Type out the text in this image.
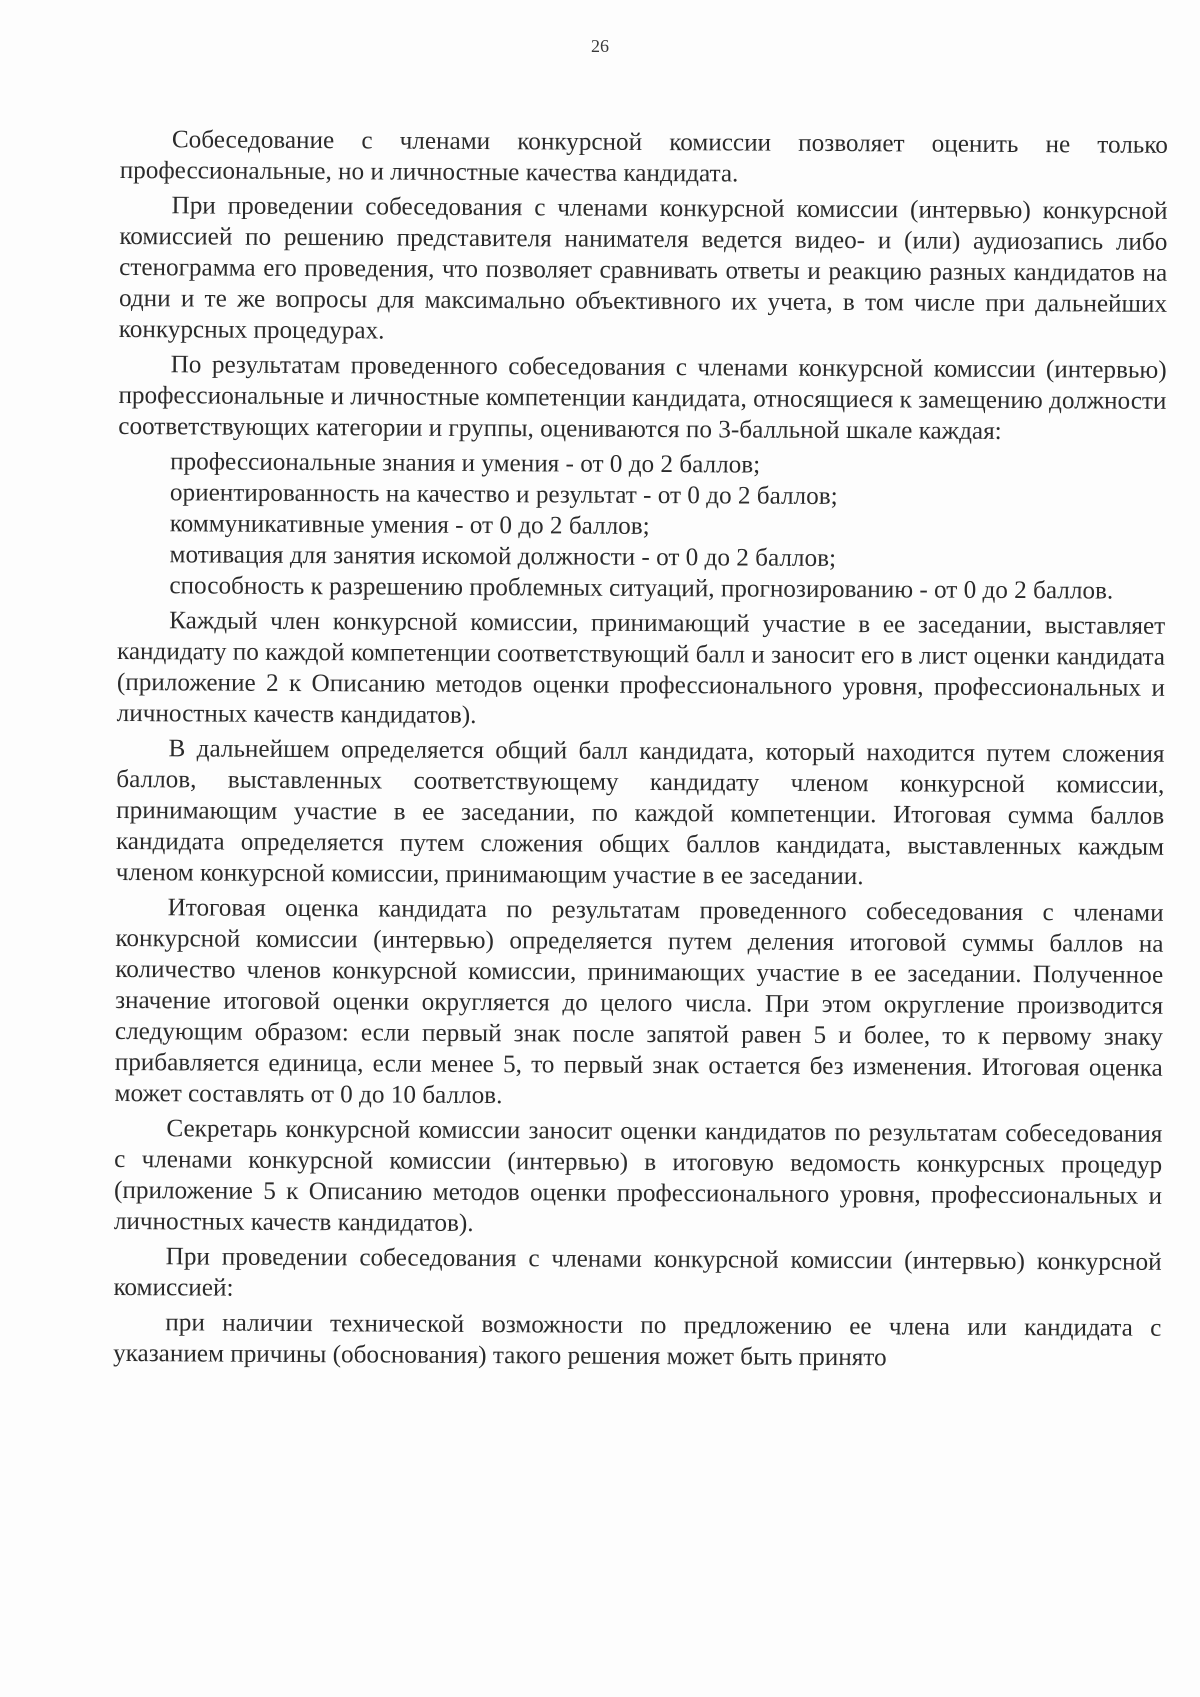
26

Собеседование с членами конкурсной комиссии позволяет оценить не только профессиональные, но и личностные качества кандидата.

При проведении собеседования с членами конкурсной комиссии (интервью) конкурсной комиссией по решению представителя нанимателя ведется видео- и (или) аудиозапись либо стенограмма его проведения, что позволяет сравнивать ответы и реакцию разных кандидатов на одни и те же вопросы для максимально объективного их учета, в том числе при дальнейших конкурсных процедурах.

По результатам проведенного собеседования с членами конкурсной комиссии (интервью) профессиональные и личностные компетенции кандидата, относящиеся к замещению должности соответствующих категории и группы, оцениваются по 3-балльной шкале каждая:

профессиональные знания и умения - от 0 до 2 баллов;

ориентированность на качество и результат - от 0 до 2 баллов;

коммуникативные умения - от 0 до 2 баллов;

мотивация для занятия искомой должности - от 0 до 2 баллов;

способность к разрешению проблемных ситуаций, прогнозированию - от 0 до 2 баллов.

Каждый член конкурсной комиссии, принимающий участие в ее заседании, выставляет кандидату по каждой компетенции соответствующий балл и заносит его в лист оценки кандидата (приложение 2 к Описанию методов оценки профессионального уровня, профессиональных и личностных качеств кандидатов).

В дальнейшем определяется общий балл кандидата, который находится путем сложения баллов, выставленных соответствующему кандидату членом конкурсной комиссии, принимающим участие в ее заседании, по каждой компетенции. Итоговая сумма баллов кандидата определяется путем сложения общих баллов кандидата, выставленных каждым членом конкурсной комиссии, принимающим участие в ее заседании.

Итоговая оценка кандидата по результатам проведенного собеседования с членами конкурсной комиссии (интервью) определяется путем деления итоговой суммы баллов на количество членов конкурсной комиссии, принимающих участие в ее заседании. Полученное значение итоговой оценки округляется до целого числа. При этом округление производится следующим образом: если первый знак после запятой равен 5 и более, то к первому знаку прибавляется единица, если менее 5, то первый знак остается без изменения. Итоговая оценка может составлять от 0 до 10 баллов.

Секретарь конкурсной комиссии заносит оценки кандидатов по результатам собеседования с членами конкурсной комиссии (интервью) в итоговую ведомость конкурсных процедур (приложение 5 к Описанию методов оценки профессионального уровня, профессиональных и личностных качеств кандидатов).

При проведении собеседования с членами конкурсной комиссии (интервью) конкурсной комиссией:

при наличии технической возможности по предложению ее члена или кандидата с указанием причины (обоснования) такого решения может быть принято
